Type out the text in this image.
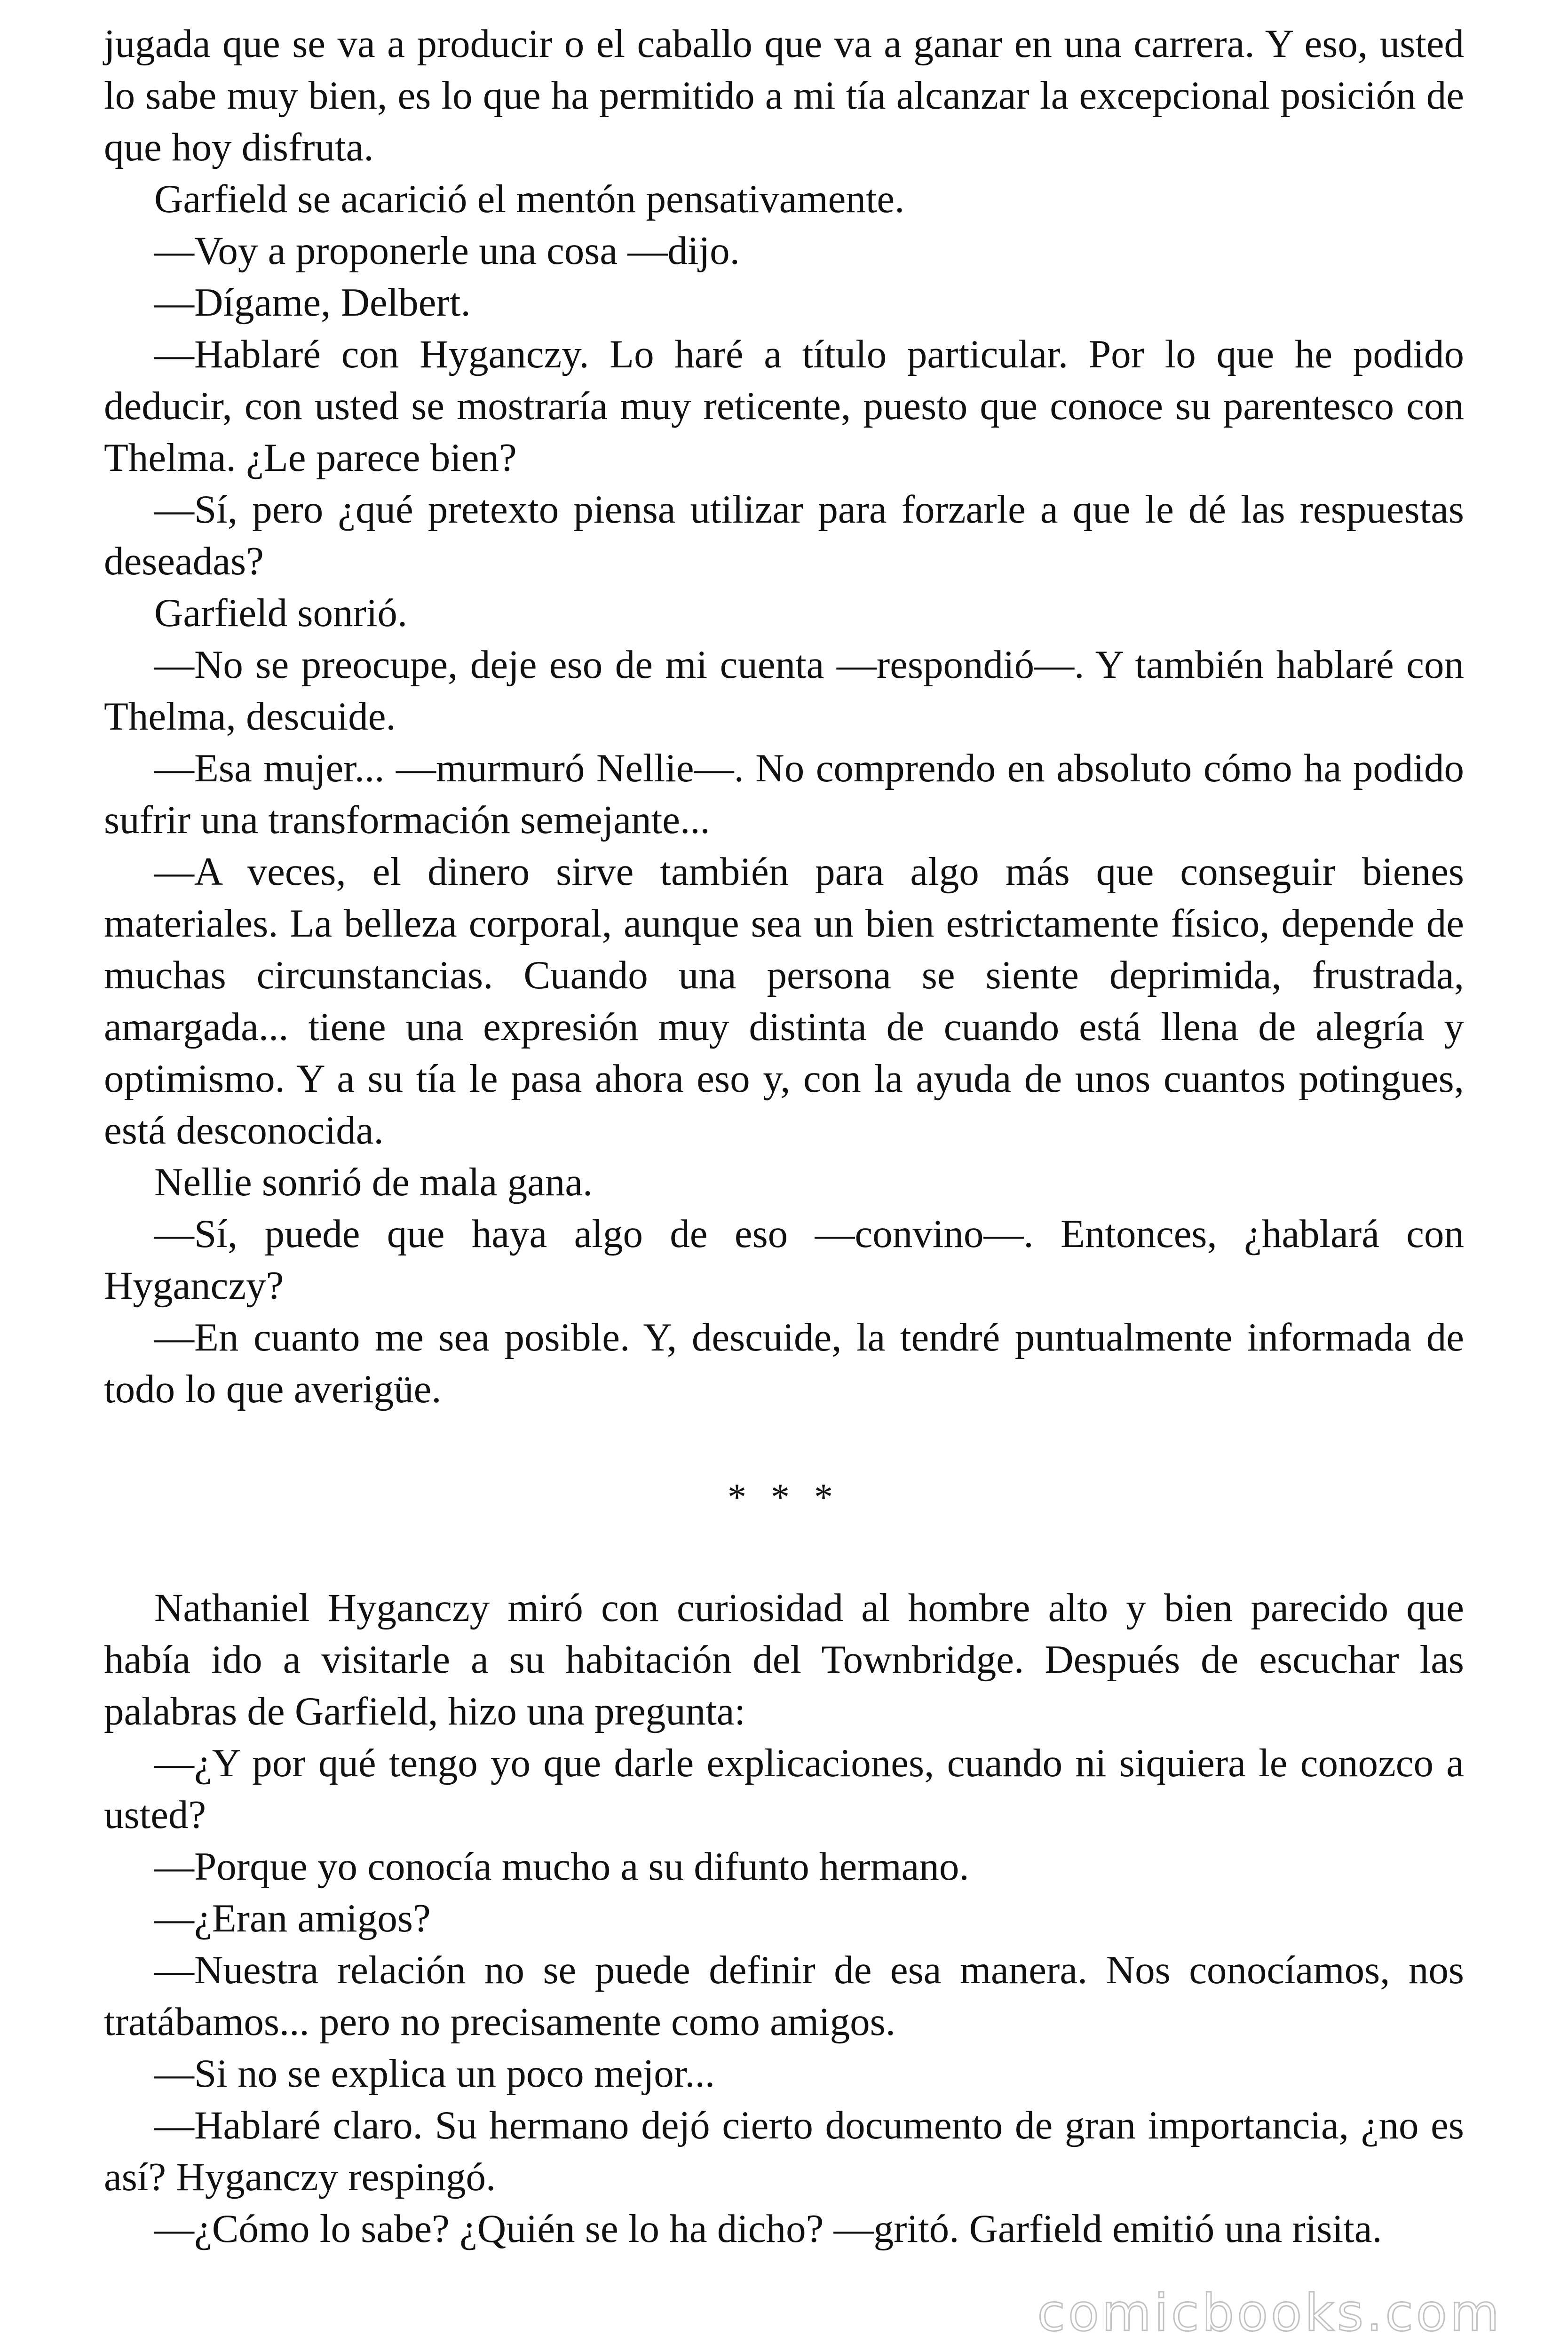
jugada que se va a producir o el caballo que va a ganar en una carrera. Y eso, usted lo sabe muy bien, es lo que ha permitido a mi tía alcanzar la excepcional posición de que hoy disfruta.

Garfield se acarició el mentón pensativamente.

—Voy a proponerle una cosa —dijo.

—Dígame, Delbert.

—Hablaré con Hyganczy. Lo haré a título particular. Por lo que he podido deducir, con usted se mostraría muy reticente, puesto que conoce su parentesco con Thelma. ¿Le parece bien?

—Sí, pero ¿qué pretexto piensa utilizar para forzarle a que le dé las respuestas deseadas?

Garfield sonrió.

—No se preocupe, deje eso de mi cuenta —respondió—. Y también hablaré con Thelma, descuide.

—Esa mujer... —murmuró Nellie—. No comprendo en absoluto cómo ha podido sufrir una transformación semejante...

—A veces, el dinero sirve también para algo más que conseguir bienes materiales. La belleza corporal, aunque sea un bien estrictamente físico, depende de muchas circunstancias. Cuando una persona se siente deprimida, frustrada, amargada... tiene una expresión muy distinta de cuando está llena de alegría y optimismo. Y a su tía le pasa ahora eso y, con la ayuda de unos cuantos potingues, está desconocida.

Nellie sonrió de mala gana.

—Sí, puede que haya algo de eso —convino—. Entonces, ¿hablará con Hyganczy?

—En cuanto me sea posible. Y, descuide, la tendré puntualmente informada de todo lo que averigüe.

* * *

Nathaniel Hyganczy miró con curiosidad al hombre alto y bien parecido que había ido a visitarle a su habitación del Townbridge. Después de escuchar las palabras de Garfield, hizo una pregunta:

—¿Y por qué tengo yo que darle explicaciones, cuando ni siquiera le conozco a usted?

—Porque yo conocía mucho a su difunto hermano.

—¿Eran amigos?

—Nuestra relación no se puede definir de esa manera. Nos conocíamos, nos tratábamos... pero no precisamente como amigos.

—Si no se explica un poco mejor...

—Hablaré claro. Su hermano dejó cierto documento de gran importancia, ¿no es así? Hyganczy respingó.

—¿Cómo lo sabe? ¿Quién se lo ha dicho? —gritó. Garfield emitió una risita.

comicbooks.com
